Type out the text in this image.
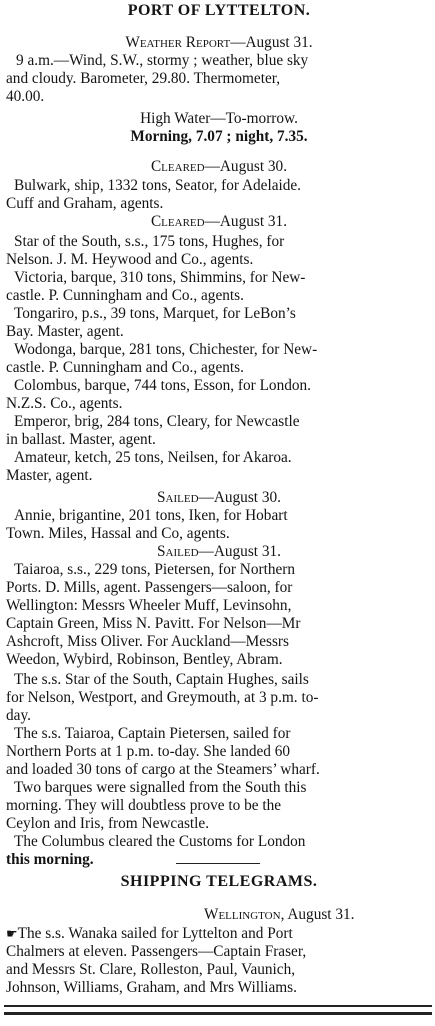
PORT OF LYTTELTON.
Weather Report—August 31.
9 a.m.—Wind, S.W., stormy ; weather, blue sky
and cloudy. Barometer, 29.80. Thermometer,
40.00.
High Water—To-morrow.
Morning, 7.07 ; night, 7.35.
Cleared—August 30.
Bulwark, ship, 1332 tons, Seator, for Adelaide.
Cuff and Graham, agents.
Cleared—August 31.
Star of the South, s.s., 175 tons, Hughes, for
Nelson. J. M. Heywood and Co., agents.
Victoria, barque, 310 tons, Shimmins, for New-
castle. P. Cunningham and Co., agents.
Tongariro, p.s., 39 tons, Marquet, for LeBon’s
Bay. Master, agent.
Wodonga, barque, 281 tons, Chichester, for New-
castle. P. Cunningham and Co., agents.
Colombus, barque, 744 tons, Esson, for London.
N.Z.S. Co., agents.
Emperor, brig, 284 tons, Cleary, for Newcastle
in ballast. Master, agent.
Amateur, ketch, 25 tons, Neilsen, for Akaroa.
Master, agent.
Sailed—August 30.
Annie, brigantine, 201 tons, Iken, for Hobart
Town. Miles, Hassal and Co, agents.
Sailed—August 31.
Taiaroa, s.s., 229 tons, Pietersen, for Northern
Ports. D. Mills, agent. Passengers—saloon, for
Wellington: Messrs Wheeler Muff, Levinsohn,
Captain Green, Miss N. Pavitt. For Nelson—Mr
Ashcroft, Miss Oliver. For Auckland—Messrs
Weedon, Wybird, Robinson, Bentley, Abram.
The s.s. Star of the South, Captain Hughes, sails
for Nelson, Westport, and Greymouth, at 3 p.m. to-
day.
The s.s. Taiaroa, Captain Pietersen, sailed for
Northern Ports at 1 p.m. to-day. She landed 60
and loaded 30 tons of cargo at the Steamers’ wharf.
Two barques were signalled from the South this
morning. They will doubtless prove to be the
Ceylon and Iris, from Newcastle.
The Columbus cleared the Customs for London
this morning.
SHIPPING TELEGRAMS.
Wellington, August 31.
☛The s.s. Wanaka sailed for Lyttelton and Port
Chalmers at eleven. Passengers—Captain Fraser,
and Messrs St. Clare, Rolleston, Paul, Vaunich,
Johnson, Williams, Graham, and Mrs Williams.
